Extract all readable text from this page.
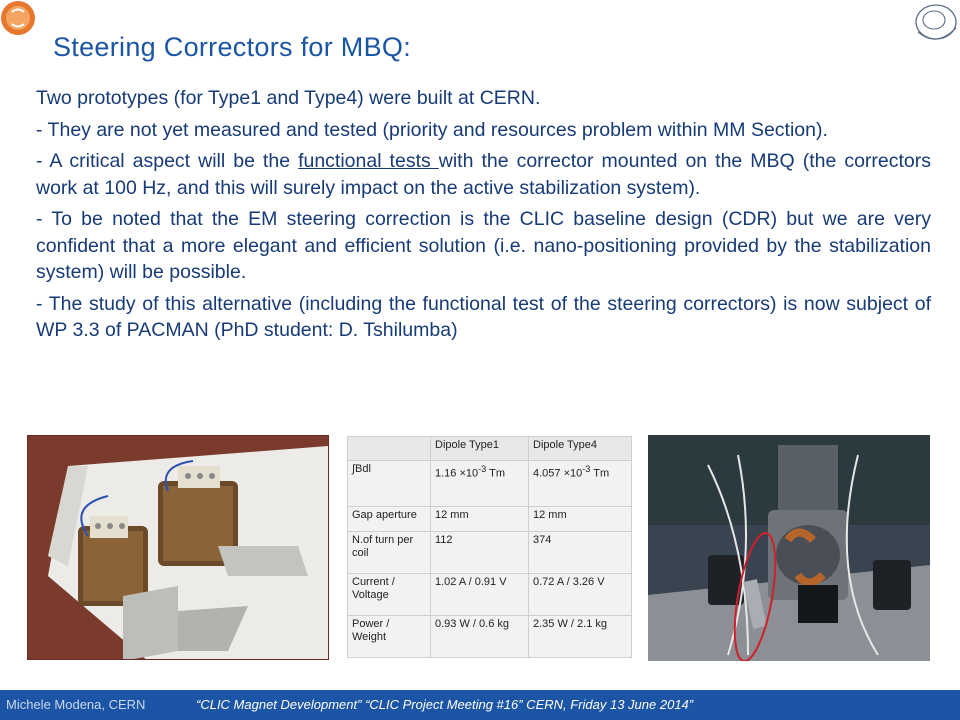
Steering Correctors for MBQ:

Two prototypes (for Type1 and Type4) were built at CERN.

- They are not yet measured and tested (priority and resources problem within MM Section).

- A critical aspect will be the functional tests with the corrector mounted on the MBQ (the correctors work at 100 Hz, and this will surely impact on the active stabilization system).

- To be noted that the EM steering correction is the CLIC baseline design (CDR) but we are very confident that a more elegant and efficient solution (i.e. nano-positioning provided by the stabilization system) will be possible.

- The study of this alternative (including the functional test of the steering correctors) is now subject of WP 3.3 of PACMAN (PhD student: D. Tshilumba)

	Dipole Type1	Dipole Type4
∫Bdl	$1.16 \times 10^{-3}$ Tm	$4.057 \times 10^{-3}$ Tm
Gap aperture	12 mm	12 mm
N.of turn per coil	112	374
Current / Voltage	1.02 A / 0.91 V	0.72 A / 3.26 V
Power / Weight	0.93 W / 0.6 kg	2.35 W / 2.1 kg
Michele Modena, CERN	“CLIC Magnet Development” “CLIC Project Meeting #16” CERN, Friday 13 June 2014”
